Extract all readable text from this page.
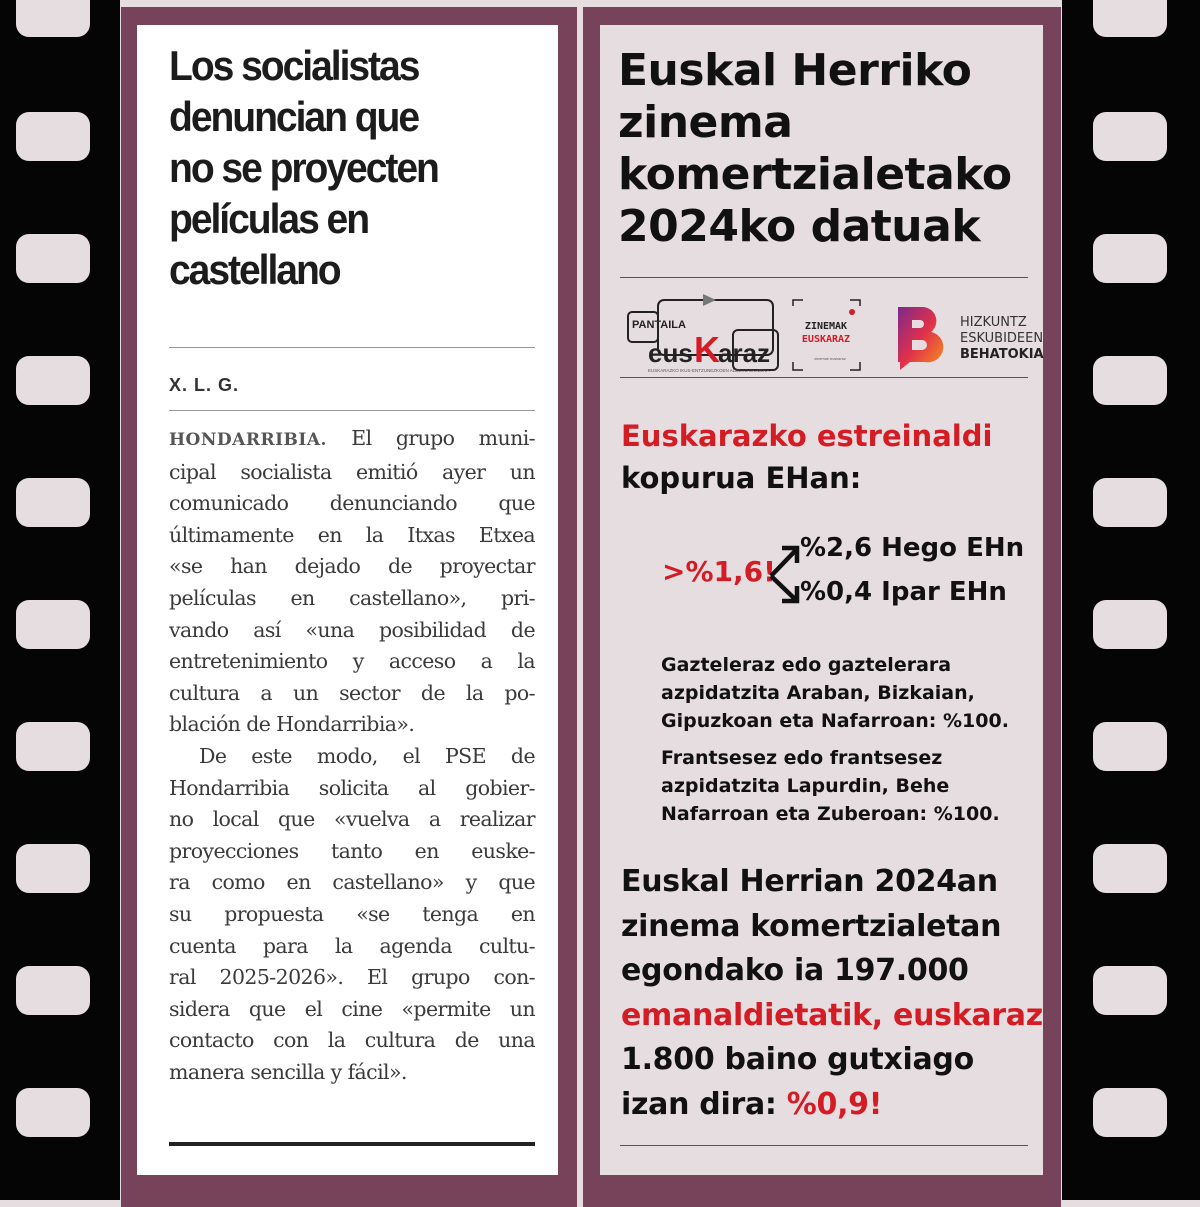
Los socialistas
denuncian que
no se proyecten
películas en
castellano
X. L. G.
HONDARRIBIA. El grupo muni-
cipal socialista emitió ayer un
comunicado denunciando que
últimamente en la Itxas Etxea
«se han dejado de proyectar
películas en castellano», pri-
vando así «una posibilidad de
entretenimiento y acceso a la
cultura a un sector de la po-
blación de Hondarribia».
De este modo, el PSE de
Hondarribia solicita al gobier-
no local que «vuelva a realizar
proyecciones tanto en euske-
ra como en castellano» y que
su propuesta «se tenga en
cuenta para la agenda cultu-
ral 2025-2026». El grupo con-
sidera que el cine «permite un
contacto con la cultura de una
manera sencilla y fácil».
Euskal Herriko
zinema
komertzialetako
2024ko datuak
PANTAILA
eus K
araz
EUSKARAZKO IKUS-ENTZUNEZKOEN ALDEKO EKIMENA
ZINEMAK
EUSKARAZ
zinemak euskaraz
HIZKUNTZ
ESKUBIDEEN
BEHATOKIA
Euskarazko estreinaldi
kopurua EHan:
>%1,6!
%2,6 Hego EHn
%0,4 Ipar EHn
Gazteleraz edo gaztelerara
azpidatzita Araban, Bizkaian,
Gipuzkoan eta Nafarroan: %100.
Frantsesez edo frantsesez
azpidatzita Lapurdin, Behe
Nafarroan eta Zuberoan: %100.
Euskal Herrian 2024an
zinema komertzialetan
egondako ia 197.000
emanaldietatik, euskaraz
1.800 baino gutxiago
izan dira: %0,9!
